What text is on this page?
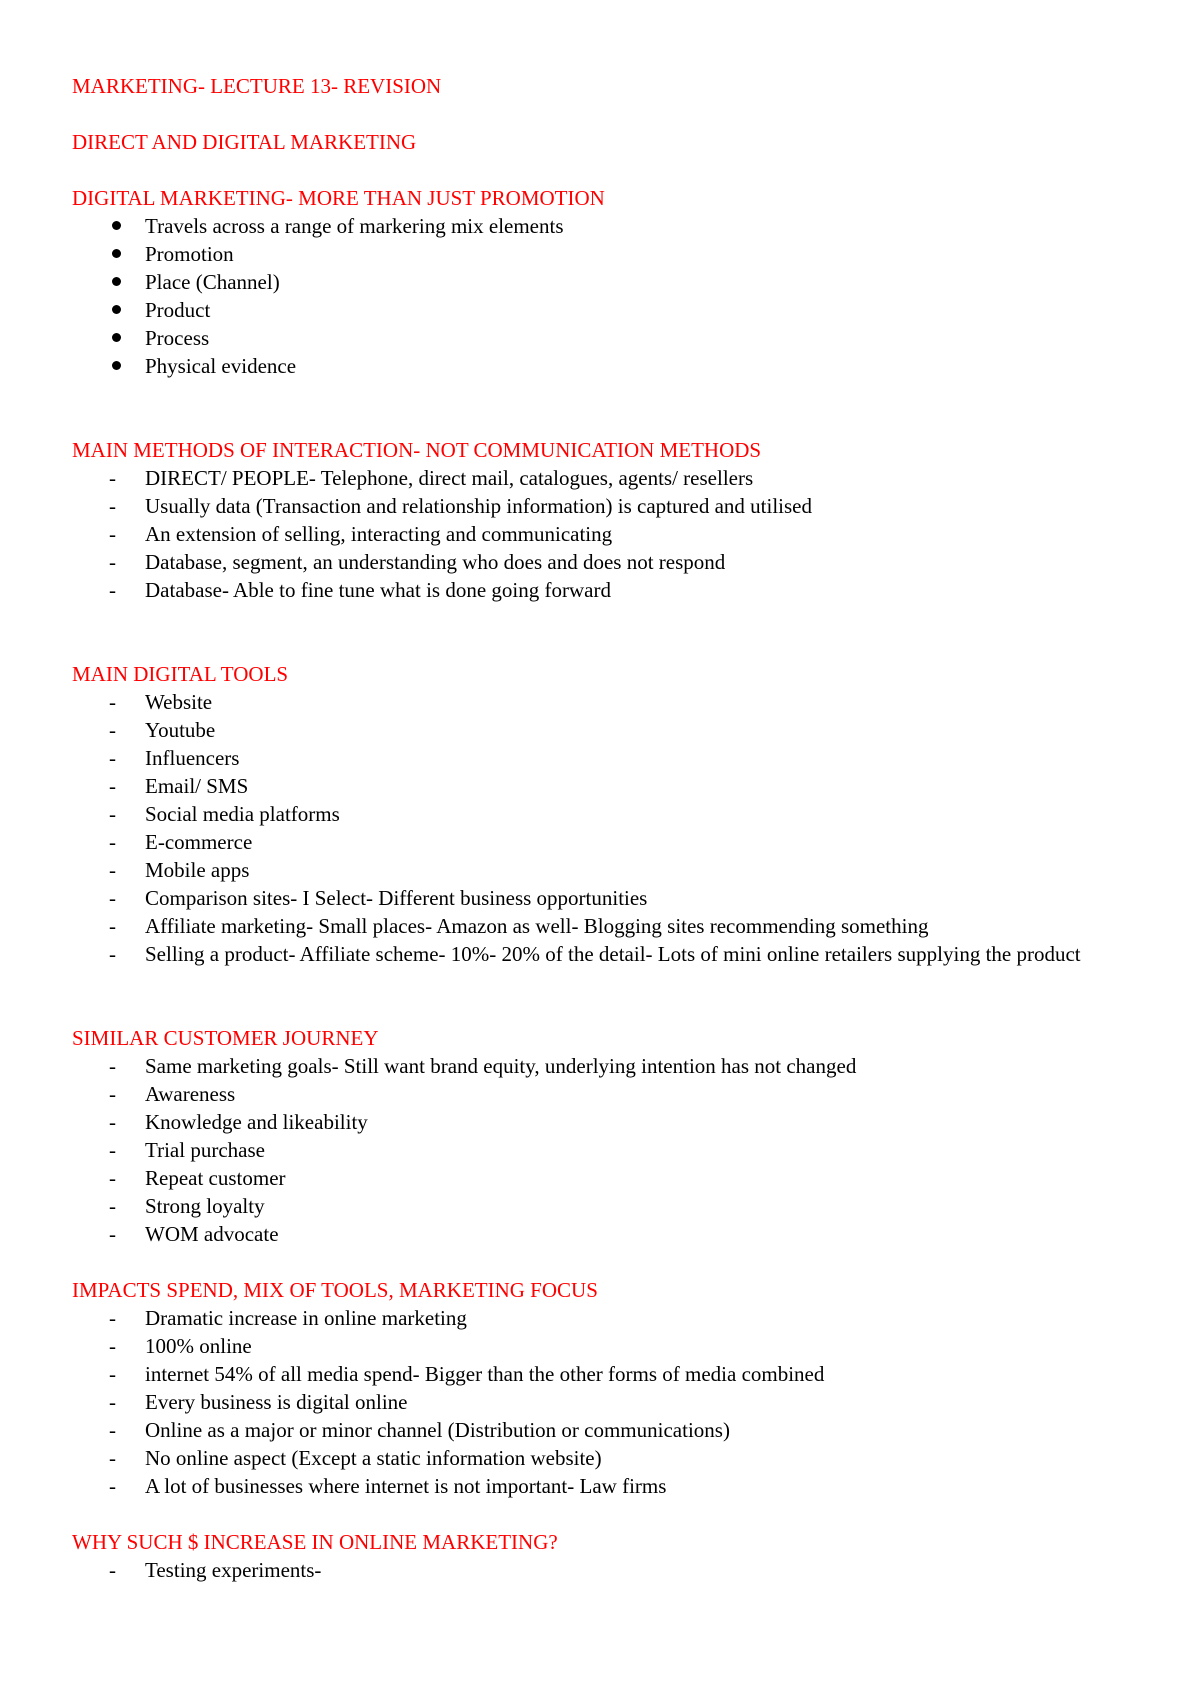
MARKETING- LECTURE 13- REVISION
DIRECT AND DIGITAL MARKETING
DIGITAL MARKETING- MORE THAN JUST PROMOTION
Travels across a range of markering mix elements
Promotion
Place (Channel)
Product
Process
Physical evidence
MAIN METHODS OF INTERACTION- NOT COMMUNICATION METHODS
-	DIRECT/ PEOPLE- Telephone, direct mail, catalogues, agents/ resellers
-	Usually data (Transaction and relationship information) is captured and utilised
-	An extension of selling, interacting and communicating
-	Database, segment, an understanding who does and does not respond
-	Database- Able to fine tune what is done going forward
MAIN DIGITAL TOOLS
-	Website
-	Youtube
-	Influencers
-	Email/ SMS
-	Social media platforms
-	E-commerce
-	Mobile apps
-	Comparison sites- I Select- Different business opportunities
-	Affiliate marketing- Small places- Amazon as well- Blogging sites recommending something
-	Selling a product- Affiliate scheme- 10%- 20% of the detail- Lots of mini online retailers supplying the product
SIMILAR CUSTOMER JOURNEY
-	Same marketing goals- Still want brand equity, underlying intention has not changed
-	Awareness
-	Knowledge and likeability
-	Trial purchase
-	Repeat customer
-	Strong loyalty
-	WOM advocate
IMPACTS SPEND, MIX OF TOOLS, MARKETING FOCUS
-	Dramatic increase in online marketing
-	100% online
-	internet 54% of all media spend- Bigger than the other forms of media combined
-	Every business is digital online
-	Online as a major or minor channel (Distribution or communications)
-	No online aspect (Except a static information website)
-	A lot of businesses where internet is not important- Law firms
WHY SUCH $ INCREASE IN ONLINE MARKETING?
-	Testing experiments-
